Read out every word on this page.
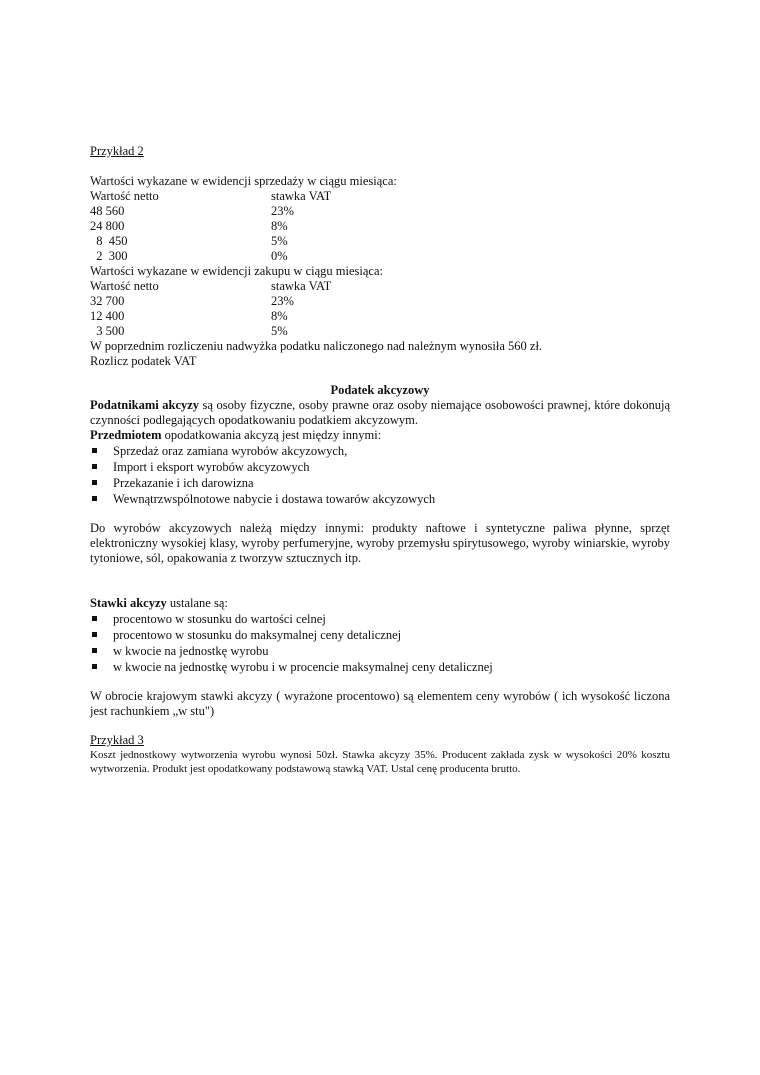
Przykład 2
Wartości wykazane w ewidencji sprzedaży w ciągu miesiąca:
Wartość netto	stawka VAT
48 560	23%
24 800	8%
8  450	5%
2  300	0%
Wartości wykazane w ewidencji zakupu w ciągu miesiąca:
Wartość netto	stawka VAT
32 700	23%
12 400	8%
3 500	5%
W poprzednim rozliczeniu nadwyżka podatku naliczonego nad należnym wynosiła 560 zł.
Rozlicz podatek VAT
Podatek akcyzowy
Podatnikami akcyzy są osoby fizyczne, osoby prawne oraz osoby niemające osobowości prawnej, które dokonują czynności podlegających opodatkowaniu podatkiem akcyzowym.
Przedmiotem opodatkowania akcyzą jest między innymi:
Sprzedaż oraz zamiana wyrobów akcyzowych,
Import i eksport wyrobów akcyzowych
Przekazanie i ich darowizna
Wewnątrzwspólnotowe nabycie i dostawa towarów akcyzowych
Do wyrobów akcyzowych należą między innymi: produkty naftowe i syntetyczne paliwa płynne, sprzęt elektroniczny wysokiej klasy, wyroby perfumeryjne, wyroby przemysłu spirytusowego, wyroby winiarskie, wyroby tytoniowe, sól, opakowania z tworzyw sztucznych itp.
Stawki akcyzy ustalane są:
procentowo w stosunku do wartości celnej
procentowo w stosunku do maksymalnej ceny detalicznej
w kwocie na jednostkę wyrobu
w kwocie na jednostkę wyrobu i w procencie maksymalnej ceny detalicznej
W obrocie krajowym stawki akcyzy ( wyrażone procentowo) są elementem ceny wyrobów ( ich wysokość liczona jest rachunkiem „w stu")
Przykład 3
Koszt jednostkowy wytworzenia wyrobu wynosi 50zł. Stawka akcyzy 35%. Producent zakłada zysk w wysokości 20% kosztu wytworzenia. Produkt jest opodatkowany podstawową stawką VAT. Ustal cenę producenta brutto.
